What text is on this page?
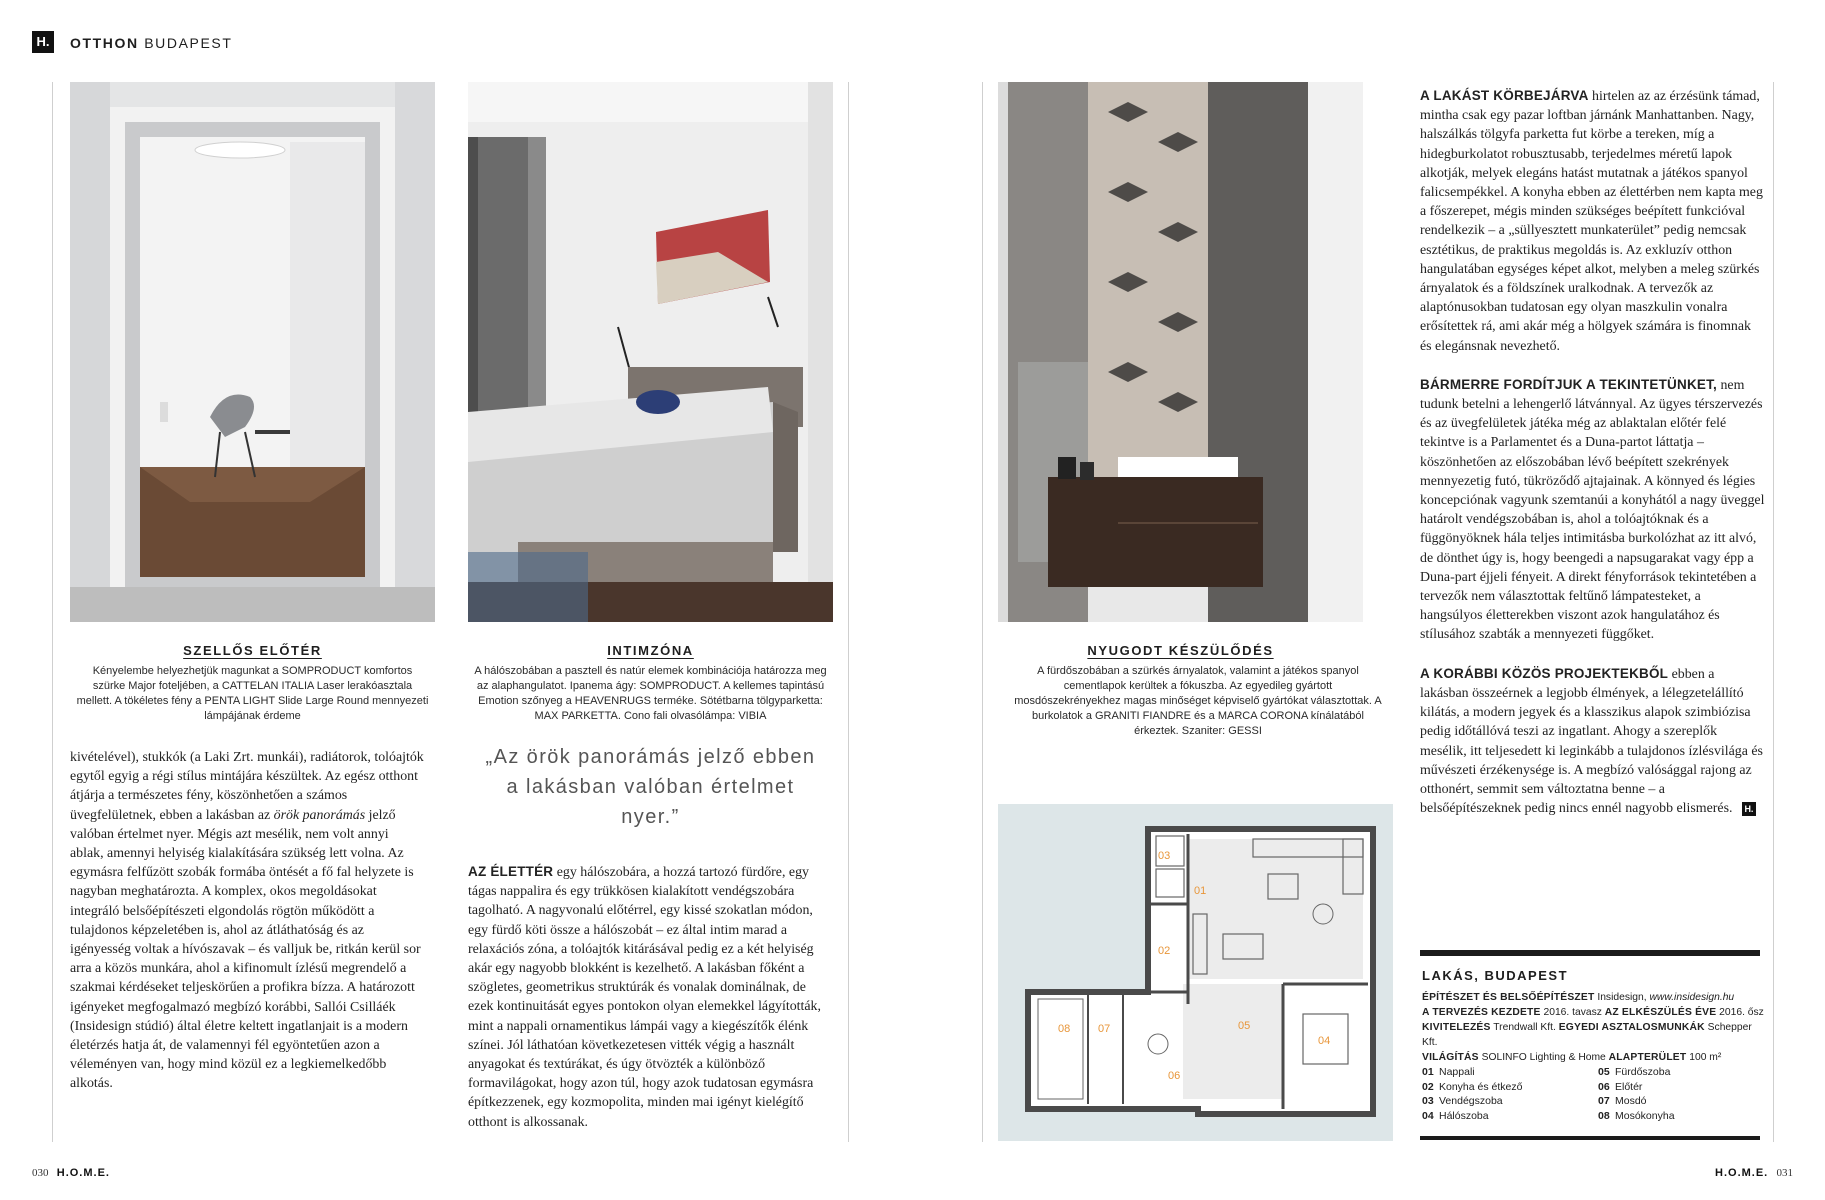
H.	OTTHON BUDAPEST
SZELLŐS ELŐTÉR
Kényelembe helyezhetjük magunkat a SOMPRODUCT komfortos szürke Major foteljében, a CATTELAN ITALIA Laser lerakóasztala mellett. A tökéletes fény a PENTA LIGHT Slide Large Round mennyezeti lámpájának érdeme
INTIMZÓNA
A hálószobában a pasztell és natúr elemek kombinációja határozza meg az alaphangulatot. Ipanema ágy: SOMPRODUCT. A kellemes tapintású Emotion szőnyeg a HEAVENRUGS terméke. Sötétbarna tölgyparketta: MAX PARKETTA. Cono fali olvasólámpa: VIBIA
NYUGODT KÉSZÜLŐDÉS
A fürdőszobában a szürkés árnyalatok, valamint a játékos spanyol cementlapok kerültek a fókuszba. Az egyedileg gyártott mosdószekrényekhez magas minőséget képviselő gyártókat választottak. A burkolatok a GRANITI FIANDRE és a MARCA CORONA kínálatából érkeztek. Szaniter: GESSI
kivételével), stukkók (a Laki Zrt. munkái), radiátorok, tolóajtók egytől egyig a régi stílus mintájára készültek. Az egész otthont átjárja a természetes fény, köszönhetően a számos üvegfelületnek, ebben a lakásban az örök panorámás jelző valóban értelmet nyer. Mégis azt mesélik, nem volt annyi ablak, amennyi helyiség kialakítására szükség lett volna. Az egymásra felfűzött szobák formába öntését a fő fal helyzete is nagyban meghatározta. A komplex, okos megoldásokat integráló belsőépítészeti elgondolás rögtön működött a tulajdonos képzeletében is, ahol az átláthatóság és az igényesség voltak a hívószavak – és valljuk be, ritkán kerül sor arra a közös munkára, ahol a kifinomult ízlésű megrendelő a szakmai kérdéseket teljeskörűen a profikra bízza. A határozott igényeket megfogalmazó megbízó korábbi, Sallói Csilláék (Insidesign stúdió) által életre keltett ingatlanjait is a modern életérzés hatja át, de valamennyi fél egyöntetűen azon a véleményen van, hogy mind közül ez a legkiemelkedőbb alkotás.
„Az örök panorámás jelző ebben a lakásban valóban értelmet nyer.”
AZ ÉLETTÉR egy hálószobára, a hozzá tartozó fürdőre, egy tágas nappalira és egy trükkösen kialakított vendégszobára tagolható. A nagyvonalú előtérrel, egy kissé szokatlan módon, egy fürdő köti össze a hálószobát – ez által intim marad a relaxációs zóna, a tolóajtók kitárásával pedig ez a két helyiség akár egy nagyobb blokként is kezelhető. A lakásban főként a szögletes, geometrikus struktúrák és vonalak dominálnak, de ezek kontinuitását egyes pontokon olyan elemekkel lágyították, mint a nappali ornamentikus lámpái vagy a kiegészítők élénk színei. Jól láthatóan következetesen vitték végig a használt anyagokat és textúrákat, és úgy ötvözték a különböző formavilágokat, hogy azon túl, hogy azok tudatosan egymásra építkezzenek, egy kozmopolita, minden mai igényt kielégítő otthont is alkossanak.
01
02
03
04
05
06
07
08

A LAKÁST KÖRBEJÁRVA hirtelen az az érzésünk támad, mintha csak egy pazar loftban járnánk Manhattanben. Nagy, halszálkás tölgyfa parketta fut körbe a tereken, míg a hidegburkolatot robusztusabb, terjedelmes méretű lapok alkotják, melyek elegáns hatást mutatnak a játékos spanyol falicsempékkel. A konyha ebben az élettérben nem kapta meg a főszerepet, mégis minden szükséges beépített funkcióval rendelkezik – a „süllyesztett munkaterület” pedig nemcsak esztétikus, de praktikus megoldás is. Az exkluzív otthon hangulatában egységes képet alkot, melyben a meleg szürkés árnyalatok és a földszínek uralkodnak. A tervezők az alaptónusokban tudatosan egy olyan maszkulin vonalra erősítettek rá, ami akár még a hölgyek számára is finomnak és elegánsnak nevezhető.

BÁRMERRE FORDÍTJUK A TEKINTETÜNKET, nem tudunk betelni a lehengerlő látvánnyal. Az ügyes térszervezés és az üvegfelületek játéka még az ablaktalan előtér felé tekintve is a Parlamentet és a Duna-partot láttatja – köszönhetően az előszobában lévő beépített szekrények mennyezetig futó, tükröződő ajtajainak. A könnyed és légies koncepciónak vagyunk szemtanúi a konyhától a nagy üveggel határolt vendégszobában is, ahol a tolóajtóknak és a függönyöknek hála teljes intimitásba burkolózhat az itt alvó, de dönthet úgy is, hogy beengedi a napsugarakat vagy épp a Duna-part éjjeli fényeit. A direkt fényforrások tekintetében a tervezők nem választottak feltűnő lámpatesteket, a hangsúlyos életterekben viszont azok hangulatához és stílusához szabták a mennyezeti függőket.

A KORÁBBI KÖZÖS PROJEKTEKBŐL ebben a lakásban összeérnek a legjobb élmények, a lélegzetelállító kilátás, a modern jegyek és a klasszikus alapok szimbiózisa pedig időtállóvá teszi az ingatlant. Ahogy a szereplők mesélik, itt teljesedett ki leginkább a tulajdonos ízlésvilága és művészeti érzékenysége is. A megbízó valósággal rajong az otthonért, semmit sem változtatna benne – a belsőépítészeknek pedig nincs ennél nagyobb elismerés. H.

LAKÁS, BUDAPEST
ÉPÍTÉSZET ÉS BELSŐÉPÍTÉSZET Insidesign, www.insidesign.hu
A TERVEZÉS KEZDETE 2016. tavasz AZ ELKÉSZÜLÉS ÉVE 2016. ősz
KIVITELEZÉS Trendwall Kft. EGYEDI ASZTALOSMUNKÁK Schepper Kft.
VILÁGÍTÁS SOLINFO Lighting & Home ALAPTERÜLET 100 m²
01 Nappali
02 Konyha és étkező
03 Vendégszoba
04 Hálószoba
05 Fürdőszoba
06 Előtér
07 Mosdó
08 Mosókonyha
030 H.O.M.E.	H.O.M.E. 031
